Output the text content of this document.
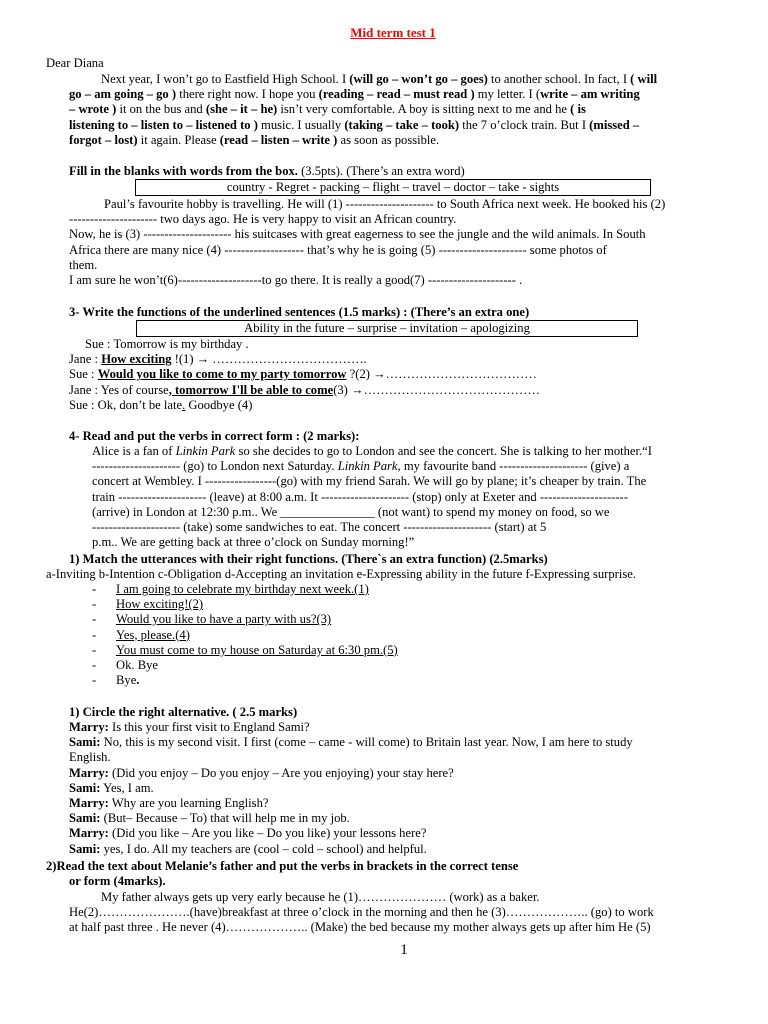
Mid term test 1
Dear Diana
Next year, I won’t go to Eastfield High School. I (will go – won’t go – goes) to another school. In fact, I ( will
go – am going – go ) there right now. I hope you (reading – read – must read ) my letter. I (write – am writing
– wrote ) it on the bus and (she – it – he) isn’t very comfortable. A boy is sitting next to me and he ( is
listening to – listen to – listened to ) music. I usually (taking – take – took) the 7 o’clock train. But I (missed –
forgot – lost) it again. Please (read – listen – write ) as soon as possible.
Fill in the blanks with words from the box. (3.5pts). (There’s an extra word)
country - Regret - packing – flight – travel – doctor – take - sights
Paul’s favourite hobby is travelling. He will (1) --------------------- to South Africa next week. He booked his (2)
--------------------- two days ago. He is very happy to visit an African country.
Now, he is (3) --------------------- his suitcases with great eagerness to see the jungle and the wild animals. In South
Africa there are many nice (4) ------------------- that’s why he is going (5) --------------------- some photos of
them.
I am sure he won’t(6)--------------------to go there. It is really a good(7) --------------------- .
3- Write the functions of the underlined sentences (1.5 marks) : (There’s an extra one)
Ability in the future – surprise – invitation – apologizing
Sue : Tomorrow is my birthday .
Jane : How exciting !(1) → ……………………………….
Sue : Would you like to come to my party tomorrow ?(2) →………………………………
Jane : Yes of course, tomorrow I'll be able to come(3) →……………………………………
Sue : Ok, don’t be late. Goodbye (4)
4- Read and put the verbs in correct form : (2 marks):
Alice is a fan of Linkin Park so she decides to go to London and see the concert. She is talking to her mother.“I
--------------------- (go) to London next Saturday. Linkin Park, my favourite band --------------------- (give) a
concert at Wembley. I -----------------(go) with my friend Sarah. We will go by plane; it’s cheaper by train. The
train --------------------- (leave) at 8:00 a.m. It --------------------- (stop) only at Exeter and ---------------------
(arrive) in London at 12:30 p.m.. We _______________ (not want) to spend my money on food, so we
--------------------- (take) some sandwiches to eat. The concert --------------------- (start) at 5
p.m.. We are getting back at three o’clock on Sunday morning!”
1) Match the utterances with their right functions. (There`s an extra function) (2.5marks)
a-Inviting b-Intention c-Obligation d-Accepting an invitation e-Expressing ability in the future f-Expressing surprise.
- I am going to celebrate my birthday next week.(1)
- How exciting!(2)
- Would you like to have a party with us?(3)
- Yes, please.(4)
- You must come to my house on Saturday at 6:30 pm.(5)
- Ok. Bye
- Bye.
1) Circle the right alternative. ( 2.5 marks)
Marry: Is this your first visit to England Sami?
Sami: No, this is my second visit. I first (come – came - will come) to Britain last year. Now, I am here to study
English.
Marry: (Did you enjoy – Do you enjoy – Are you enjoying) your stay here?
Sami: Yes, I am.
Marry: Why are you learning English?
Sami: (But– Because – To) that will help me in my job.
Marry: (Did you like – Are you like – Do you like) your lessons here?
Sami: yes, I do. All my teachers are (cool – cold – school) and helpful.
2)Read the text about Melanie’s father and put the verbs in brackets in the correct tense
or form (4marks).
My father always gets up very early because he (1)………………… (work) as a baker.
He(2)………………….(have)breakfast at three o’clock in the morning and then he (3)……………….. (go) to work
at half past three . He never (4)……………….. (Make) the bed because my mother always gets up after him He (5)
1
